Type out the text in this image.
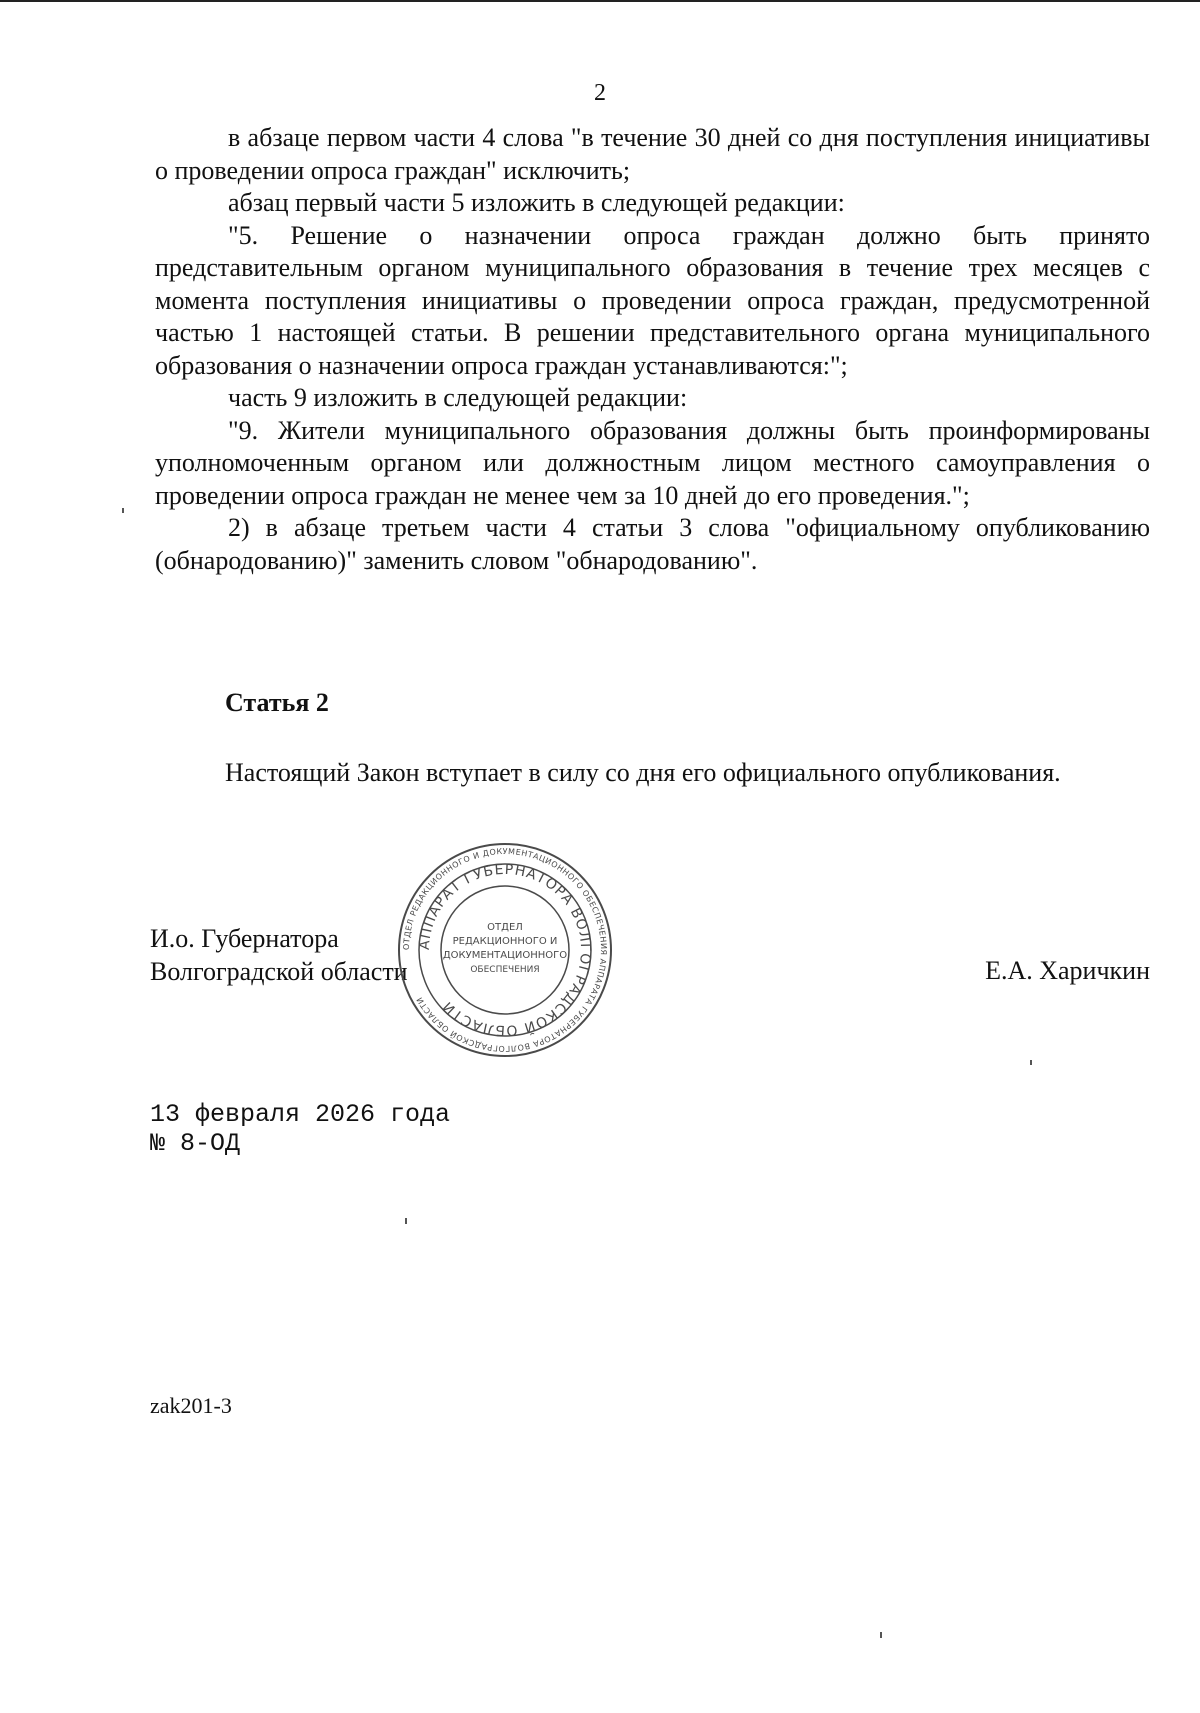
2

в абзаце первом части 4 слова "в течение 30 дней со дня поступления инициативы о проведении опроса граждан" исключить;

абзац первый части 5 изложить в следующей редакции:

"5. Решение о назначении опроса граждан должно быть принято представительным органом муниципального образования в течение трех месяцев с момента поступления инициативы о проведении опроса граждан, предусмотренной частью 1 настоящей статьи. В решении представительного органа муниципального образования о назначении опроса граждан устанавливаются:";

часть 9 изложить в следующей редакции:

"9. Жители муниципального образования должны быть проинформированы уполномоченным органом или должностным лицом местного самоуправления о проведении опроса граждан не менее чем за 10 дней до его проведения.";

2) в абзаце третьем части 4 статьи 3 слова "официальному опубликованию (обнародованию)" заменить словом "обнародованию".

Статья 2
Настоящий Закон вступает в силу со дня его официального опубликования.
И.о. Губернатора
Волгоградской области	Е.А. Харичкин
ОТДЕЛ РЕДАКЦИОННОГО И ДОКУМЕНТАЦИОННОГО ОБЕСПЕЧЕНИЯ АППАРАТА ГУБЕРНАТОРА ВОЛГОГРАДСКОЙ ОБЛАСТИ
АППАРАТ ГУБЕРНАТОРА ВОЛГОГРАДСКОЙ ОБЛАСТИ
ОТДЕЛ
РЕДАКЦИОННОГО И
ДОКУМЕНТАЦИОННОГО
ОБЕСПЕЧЕНИЯ
13 февраля 2026 года
№ 8-ОД
zak201-3
